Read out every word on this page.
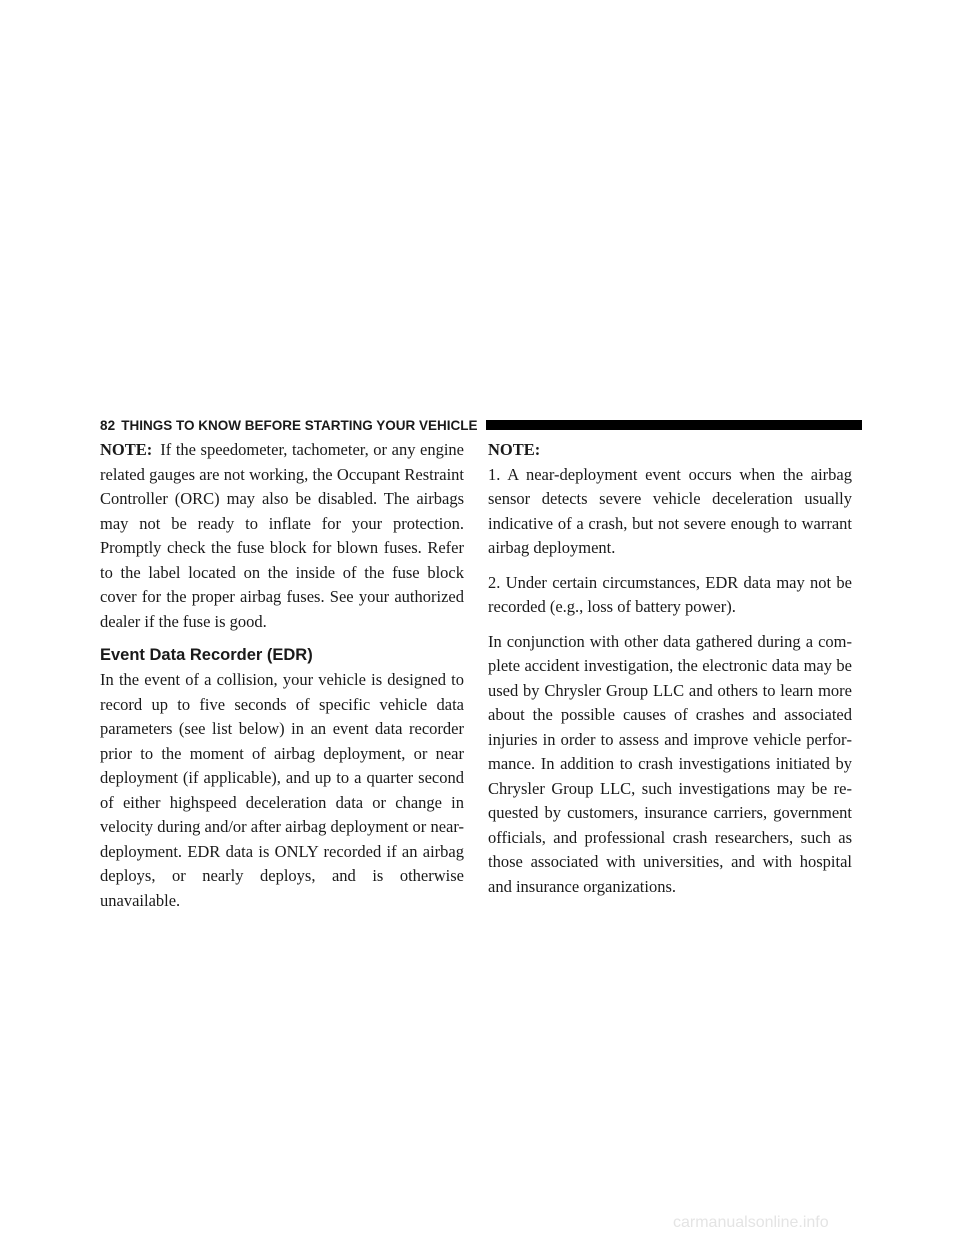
82 THINGS TO KNOW BEFORE STARTING YOUR VEHICLE

NOTE: If the speedometer, tachometer, or any engine related gauges are not working, the Occupant Restraint Controller (ORC) may also be disabled. The airbags may not be ready to inflate for your protection. Promptly check the fuse block for blown fuses. Refer to the label located on the inside of the fuse block cover for the proper airbag fuses. See your authorized dealer if the fuse is good.

Event Data Recorder (EDR)

In the event of a collision, your vehicle is designed to record up to five seconds of specific vehicle data parameters (see list below) in an event data recorder prior to the moment of airbag deployment, or near deployment (if applicable), and up to a quarter second of either highspeed deceleration data or change in velocity during and/or after airbag deployment or near-deployment. EDR data is ONLY recorded if an airbag deploys, or nearly deploys, and is otherwise unavailable.

NOTE:

1. A near-deployment event occurs when the airbag sensor detects severe vehicle deceleration usually indicative of a crash, but not severe enough to warrant airbag deployment.

2. Under certain circumstances, EDR data may not be recorded (e.g., loss of battery power).

In conjunction with other data gathered during a complete accident investigation, the electronic data may be used by Chrysler Group LLC and others to learn more about the possible causes of crashes and associated injuries in order to assess and improve vehicle performance. In addition to crash investigations initiated by Chrysler Group LLC, such investigations may be requested by customers, insurance carriers, government officials, and professional crash researchers, such as those associated with universities, and with hospital and insurance organizations.

carmanualsonline.info
